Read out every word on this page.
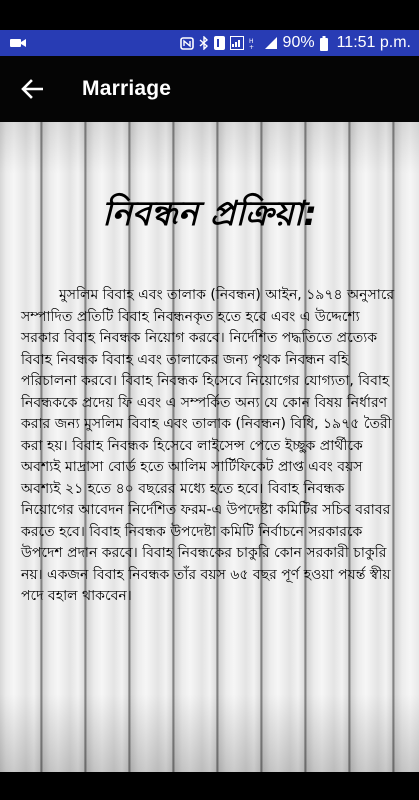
H
+ 90% 11:51 p.m.
Marriage
নিবন্ধন প্রক্রিয়া:

মুসলিম বিবাহ এবং তালাক (নিবন্ধন) আইন, ১৯৭৪ অনুসারে সম্পাদিত প্রতিটি বিবাহ নিবন্ধনকৃত হতে হবে এবং এ উদ্দেশ্যে সরকার বিবাহ নিবন্ধক নিয়োগ করবে। নির্দেশিত পদ্ধতিতে প্রত্যেক বিবাহ নিবন্ধক বিবাহ এবং তালাকের জন্য পৃথক নিবন্ধন বহি পরিচালনা করবে। বিবাহ নিবন্ধক হিসেবে নিয়োগের যোগ্যতা, বিবাহ নিবন্ধককে প্রদেয় ফি এবং এ সম্পর্কিত অন্য যে কোন বিষয় নির্ধারণ করার জন্য মুসলিম বিবাহ এবং তালাক (নিবন্ধন) বিধি, ১৯৭৫ তৈরী করা হয়। বিবাহ নিবন্ধক হিসেবে লাইসেন্স পেতে ইচ্ছুক প্রার্থীকে অবশ্যই মাদ্রাসা বোর্ড হতে আলিম সার্টিফিকেট প্রাপ্ত এবং বয়স অবশ্যই ২১ হতে ৪০ বছরের মধ্যে হতে হবে। বিবাহ নিবন্ধক নিয়োগের আবেদন নির্দেশিত ফরম-এ উপদেষ্টা কমিটির সচিব বরাবর করতে হবে। বিবাহ নিবন্ধক উপদেষ্টা কমিটি নির্বাচনে সরকারকে উপদেশ প্রদান করবে। বিবাহ নিবন্ধকের চাকুরি কোন সরকারী চাকুরি নয়। একজন বিবাহ নিবন্ধক তাঁর বয়স ৬৫ বছর পূর্ণ হওয়া পযর্ন্ত স্বীয় পদে বহাল থাকবেন।
